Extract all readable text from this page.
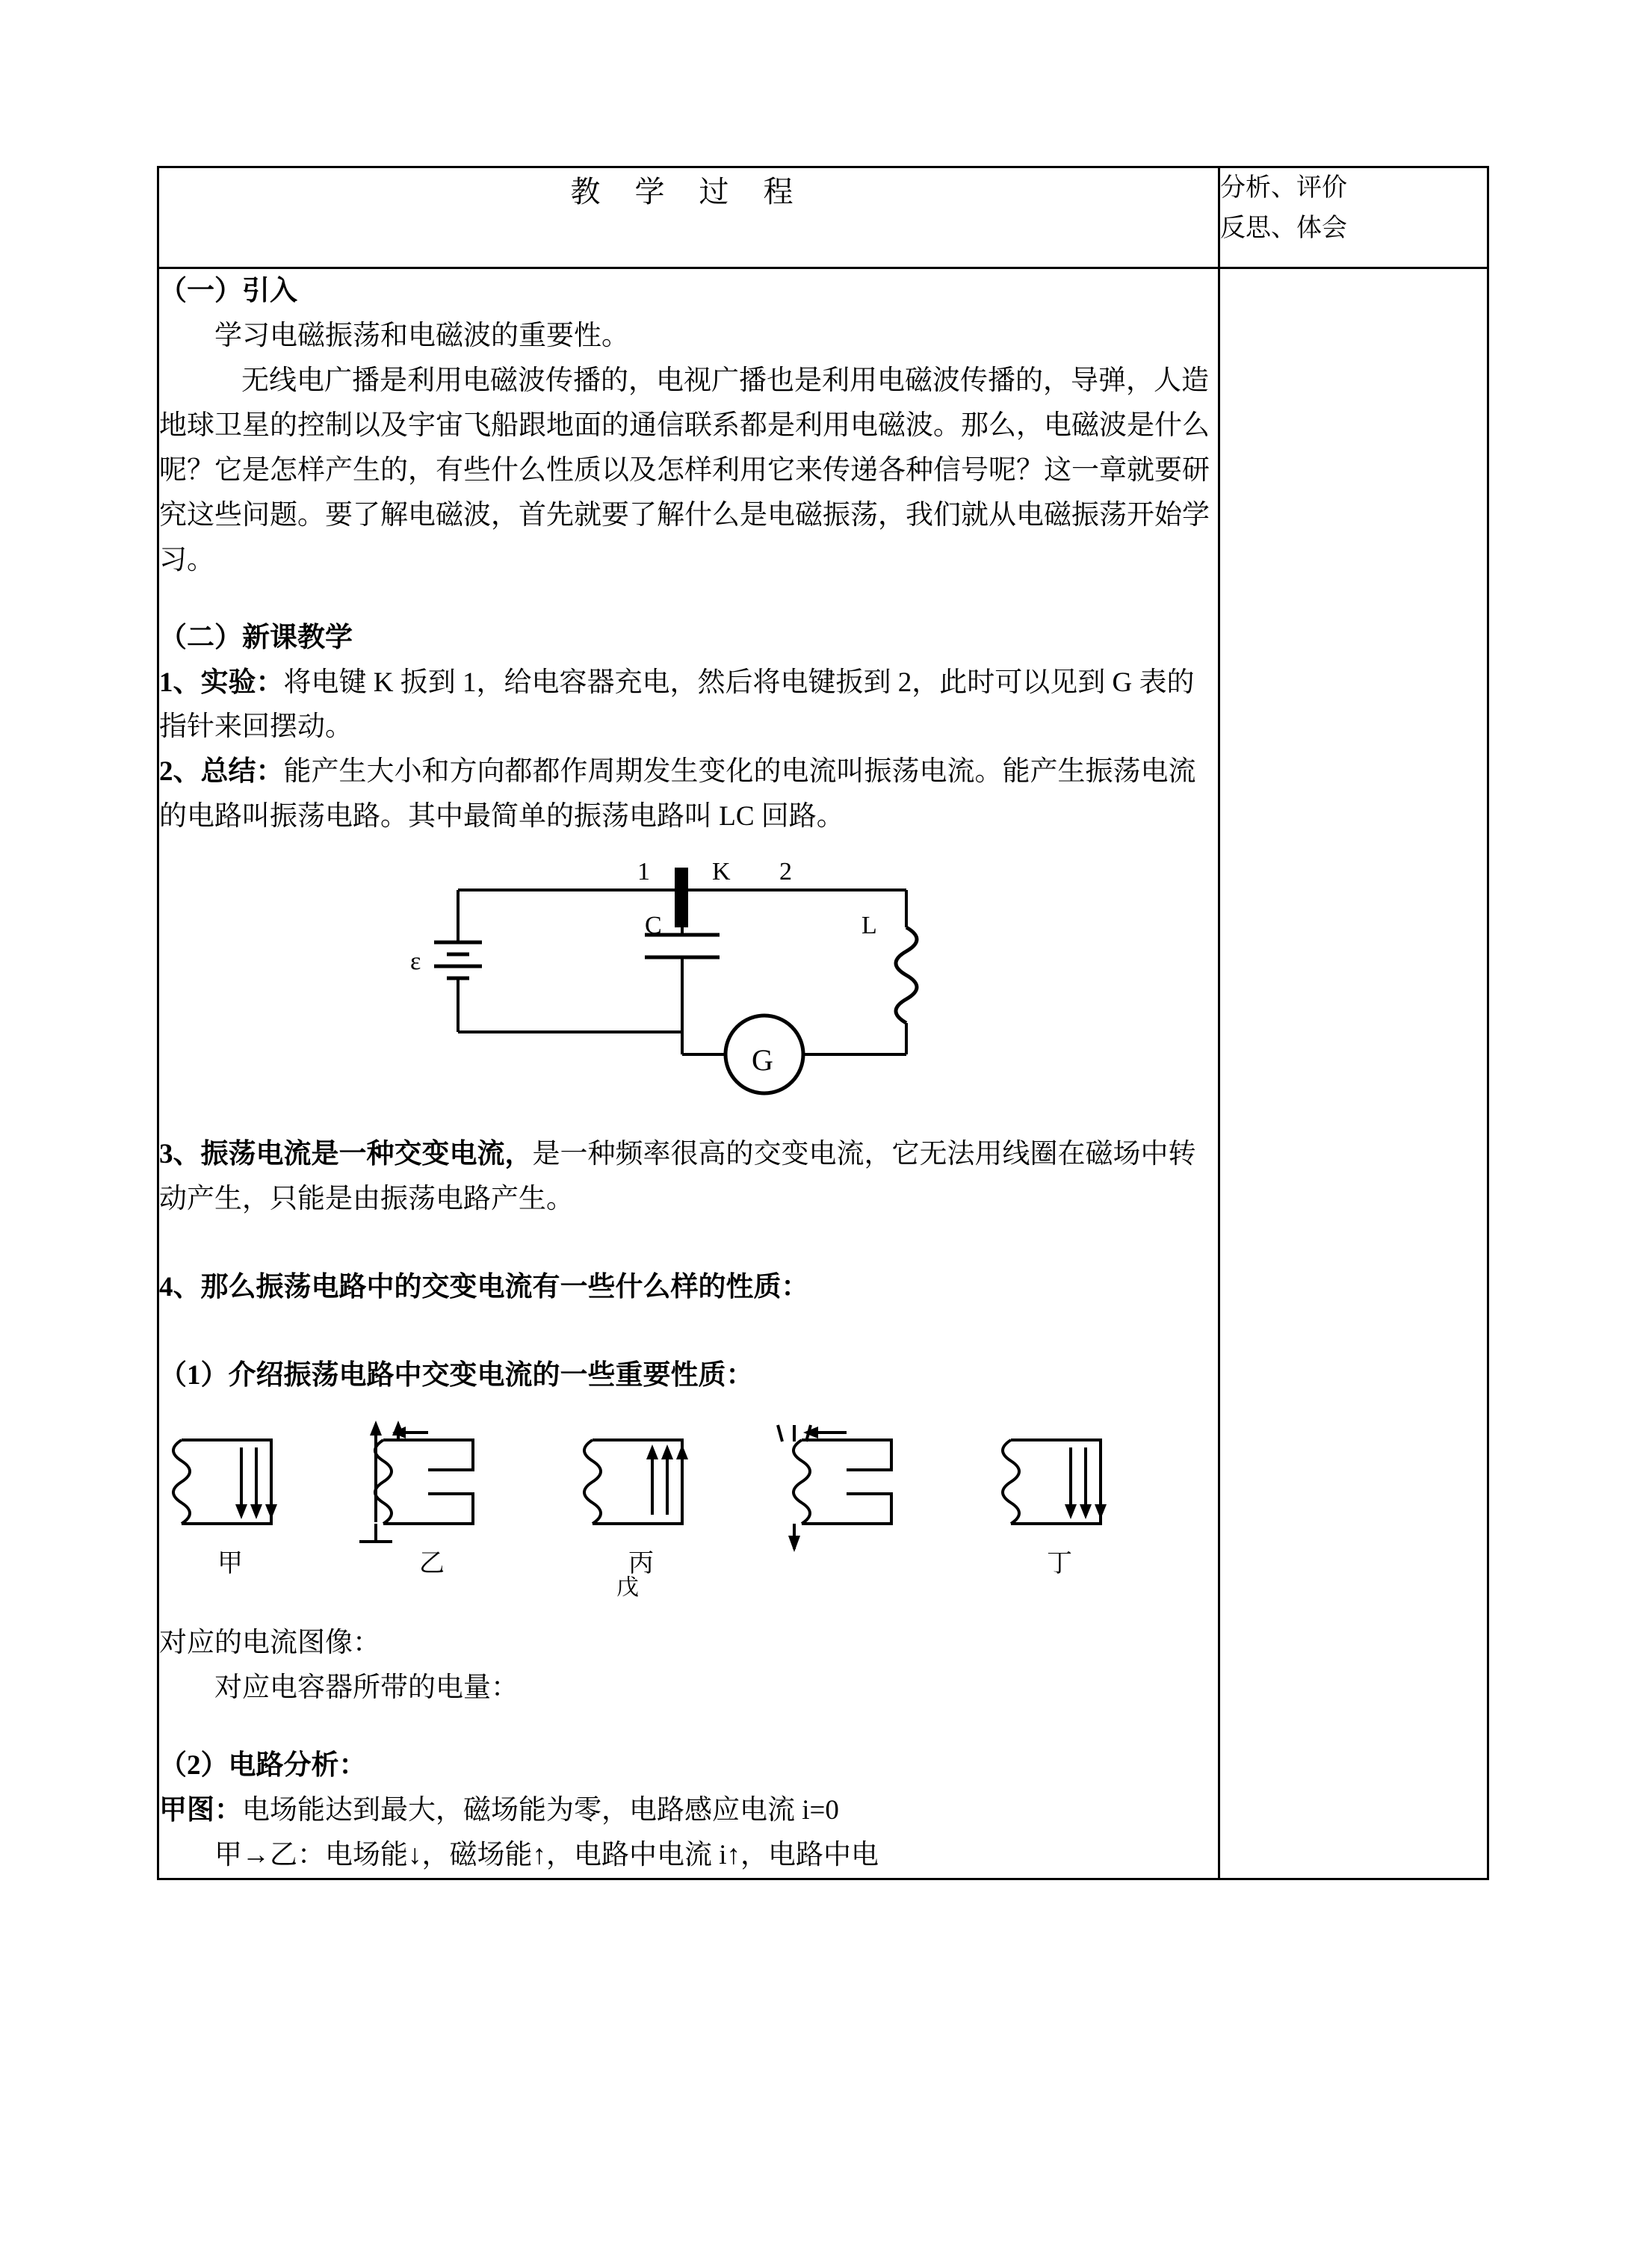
教 学 过 程	分析、评价
反思、体会

（一）引入

学习电磁振荡和电磁波的重要性。

无线电广播是利用电磁波传播的，电视广播也是利用电磁波传播的，导弹，人造地球卫星的控制以及宇宙飞船跟地面的通信联系都是利用电磁波。那么，电磁波是什么呢？它是怎样产生的，有些什么性质以及怎样利用它来传递各种信号呢？这一章就要研究这些问题。要了解电磁波，首先就要了解什么是电磁振荡，我们就从电磁振荡开始学习。

（二）新课教学

1、实验：将电键 K 扳到 1，给电容器充电，然后将电键扳到 2，此时可以见到 G 表的指针来回摆动。

2、总结：能产生大小和方向都都作周期发生变化的电流叫振荡电流。能产生振荡电流的电路叫振荡电路。其中最简单的振荡电路叫 LC 回路。

1 K 2
ε
C	L
G

3、振荡电流是一种交变电流，是一种频率很高的交变电流，它无法用线圈在磁场中转动产生，只能是由振荡电路产生。

4、那么振荡电路中的交变电流有一些什么样的性质：

（1）介绍振荡电路中交变电流的一些重要性质：

甲	乙	丙	丁
戊

对应的电流图像：

对应电容器所带的电量：

（2）电路分析：

甲图：电场能达到最大，磁场能为零，电路感应电流 i=0

甲→乙：电场能↓，磁场能↑，电路中电流 i↑，电路中电
